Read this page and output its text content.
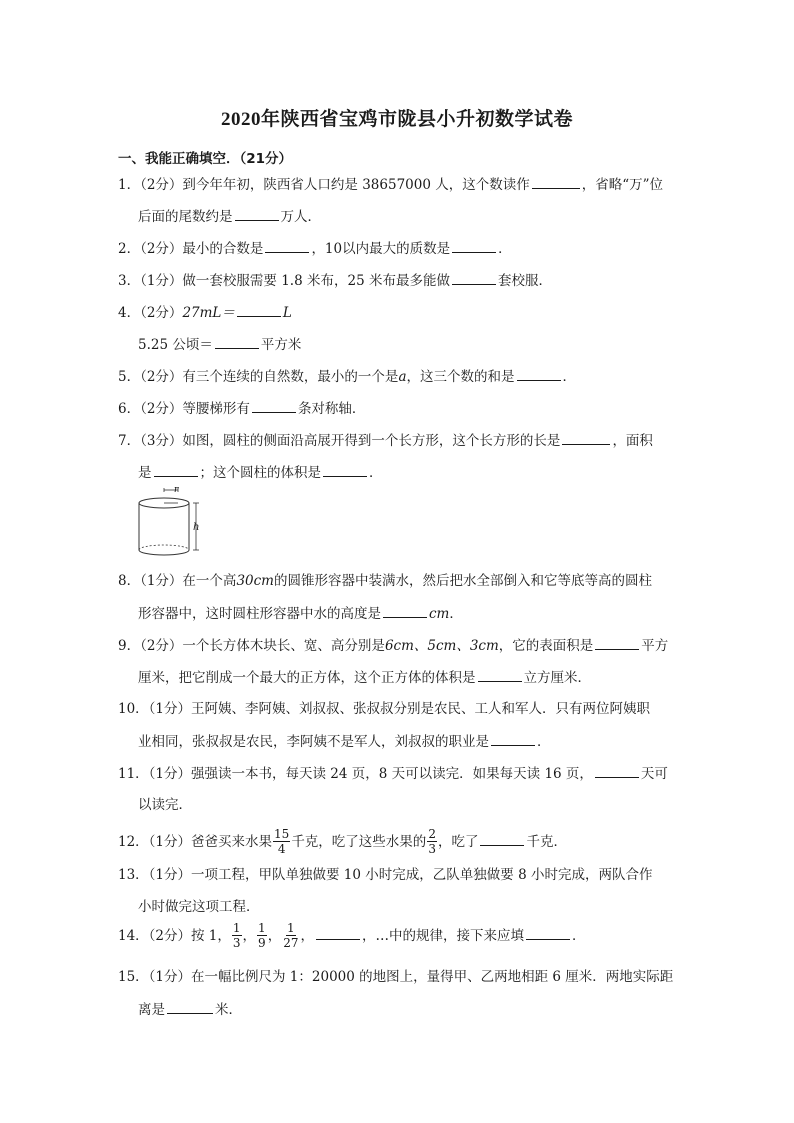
2020年陕西省宝鸡市陇县小升初数学试卷
一、我能正确填空．（21分）
1．（2分）到今年年初，陕西省人口约是 38657000 人，这个数读作	，省略“万”位
后面的尾数约是	万人．
2．（2分）最小的合数是	，10以内最大的质数是	．
3．（1分）做一套校服需要 1.8 米布，25 米布最多能做	套校服．
4．（2分）27mL＝	L
5.25 公顷＝	平方米
5．（2分）有三个连续的自然数，最小的一个是a，这三个数的和是	．
6．（2分）等腰梯形有	条对称轴．
7．（3分）如图，圆柱的侧面沿高展开得到一个长方形，这个长方形的长是	，面积
是	；这个圆柱的体积是	．
r
h
8．（1分）在一个高30cm的圆锥形容器中装满水，然后把水全部倒入和它等底等高的圆柱
形容器中，这时圆柱形容器中水的高度是	cm．
9．（2分）一个长方体木块长、宽、高分别是6cm、5cm、3cm，它的表面积是	平方
厘米，把它削成一个最大的正方体，这个正方体的体积是	立方厘米．
10．（1分）王阿姨、李阿姨、刘叔叔、张叔叔分别是农民、工人和军人．只有两位阿姨职
业相同，张叔叔是农民，李阿姨不是军人，刘叔叔的职业是	．
11．（1分）强强读一本书，每天读 24 页，8 天可以读完．如果每天读 16 页，	天可
以读完．
12．（1分）爸爸买来水果 $\frac{15}{4}$ 千克，吃了这些水果的 $\frac{2}{3}$ ，吃了	千克．
13．（1分）一项工程，甲队单独做要 10 小时完成，乙队单独做要 8 小时完成，两队合作
小时做完这项工程．
14．（2分）按 1， $\frac{1}{3}$ ， $\frac{1}{9}$ ， $\frac{1}{27}$ ，	，…中的规律，接下来应填	．
15．（1分）在一幅比例尺为 1：20000 的地图上，量得甲、乙两地相距 6 厘米．两地实际距
离是	米．
